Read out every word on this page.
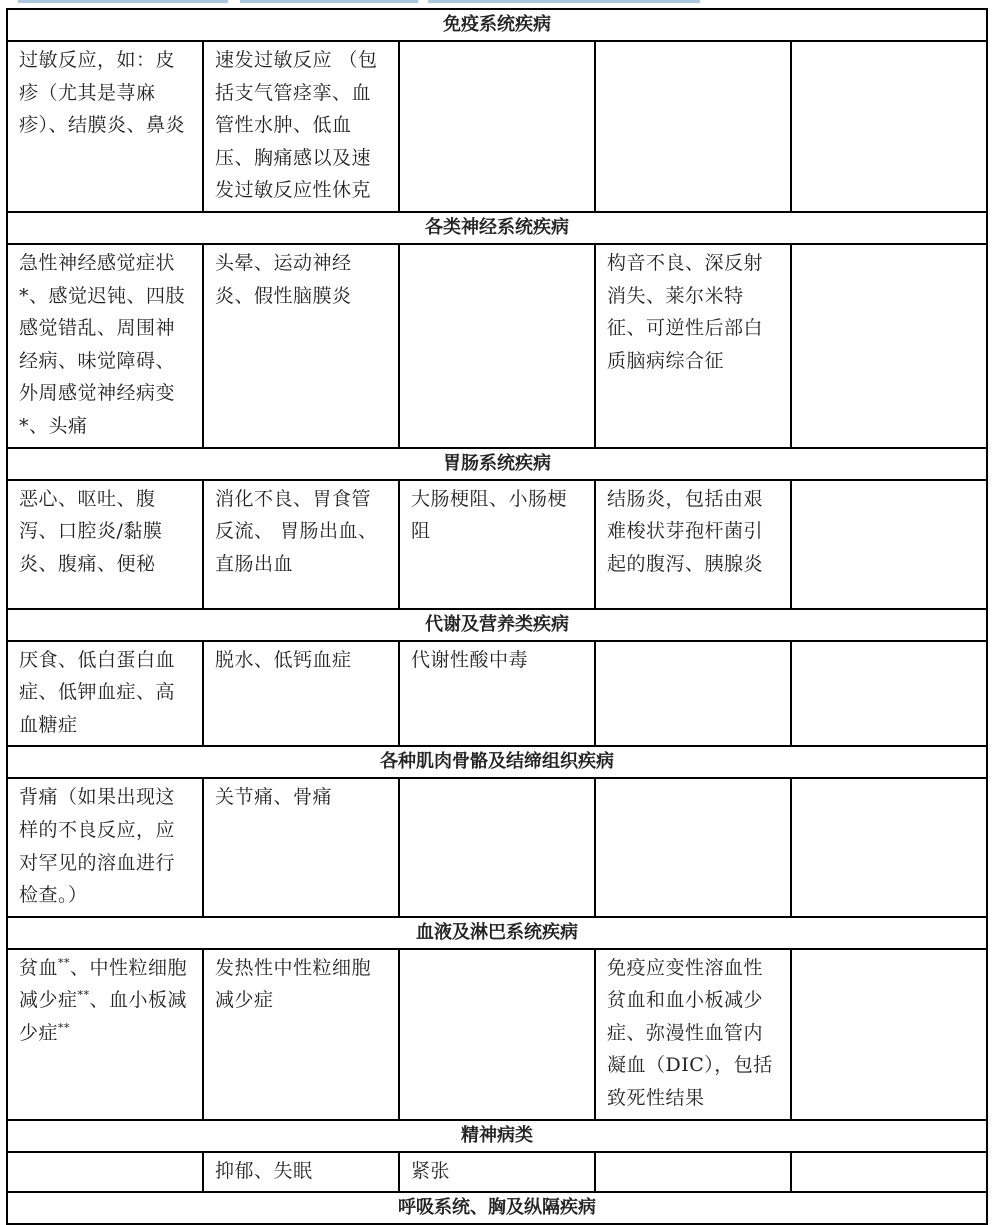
免疫系统疾病				
过敏反应，如：皮疹（尤其是荨麻疹）、结膜炎、鼻炎	速发过敏反应 （包括支气管痉挛、血管性水肿、低血压、胸痛感以及速发过敏反应性休克			
各类神经系统疾病				
急性神经感觉症状*、感觉迟钝、四肢感觉错乱、周围神经病、味觉障碍、外周感觉神经病变*、头痛	头晕、运动神经炎、假性脑膜炎		构音不良、深反射消失、莱尔米特征、可逆性后部白质脑病综合征	
胃肠系统疾病				
恶心、呕吐、腹泻、口腔炎/黏膜炎、腹痛、便秘	消化不良、胃食管反流、 胃肠出血、直肠出血	大肠梗阻、小肠梗阻	结肠炎，包括由艰难梭状芽孢杆菌引起的腹泻、胰腺炎	
代谢及营养类疾病				
厌食、低白蛋白血症、低钾血症、高血糖症	脱水、低钙血症	代谢性酸中毒		
各种肌肉骨骼及结缔组织疾病				
背痛（如果出现这样的不良反应，应对罕见的溶血进行检查。）	关节痛、骨痛			
血液及淋巴系统疾病				
贫血**、中性粒细胞减少症**、血小板减少症**	发热性中性粒细胞减少症		免疫应变性溶血性贫血和血小板减少症、弥漫性血管内凝血（DIC），包括致死性结果	
精神病类				
	抑郁、失眠	紧张		
呼吸系统、胸及纵隔疾病				
